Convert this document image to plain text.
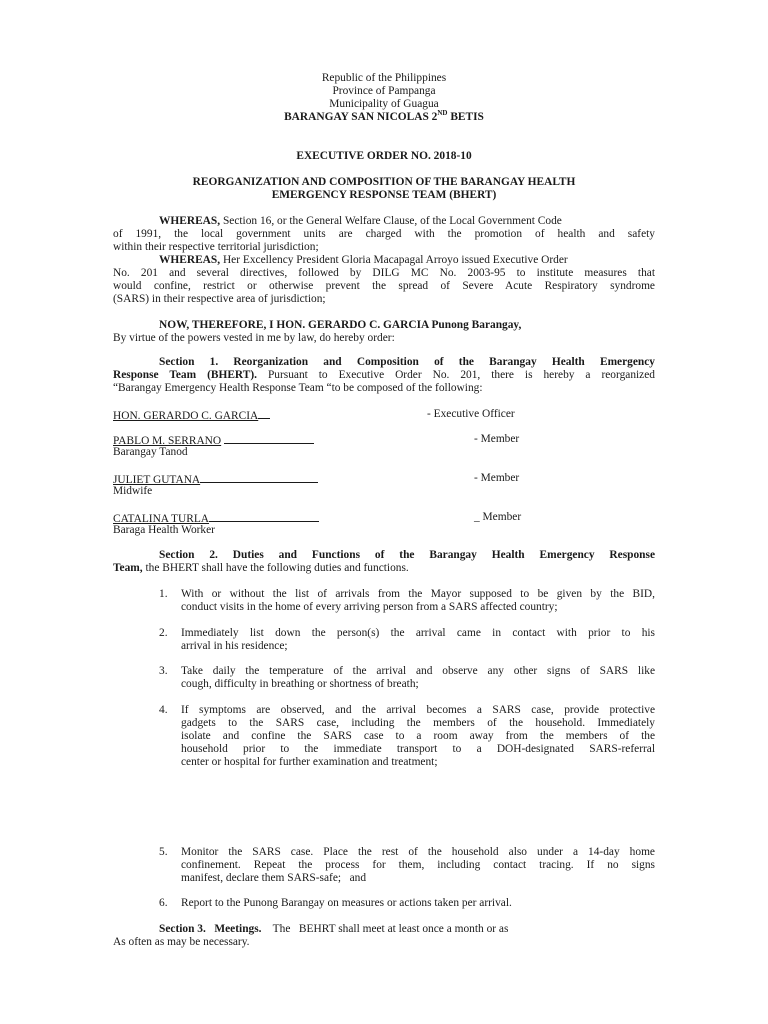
Republic of the Philippines
Province of Pampanga
Municipality of Guagua
BARANGAY SAN NICOLAS 2ND BETIS
EXECUTIVE ORDER NO. 2018-10
REORGANIZATION AND COMPOSITION OF THE BARANGAY HEALTH
EMERGENCY RESPONSE TEAM (BHERT)
WHEREAS, Section 16, or the General Welfare Clause, of the Local Government Code
of 1991, the local government units are charged with the promotion of health and safety
within their respective territorial jurisdiction;
WHEREAS, Her Excellency President Gloria Macapagal Arroyo issued Executive Order
No. 201 and several directives, followed by DILG MC No. 2003-95 to institute measures that
would confine, restrict or otherwise prevent the spread of Severe Acute Respiratory syndrome
(SARS) in their respective area of jurisdiction;
NOW, THEREFORE, I HON. GERARDO C. GARCIA Punong Barangay,
By virtue of the powers vested in me by law, do hereby order:
Section 1. Reorganization and Composition of the Barangay Health Emergency
Response Team (BHERT). Pursuant to Executive Order No. 201, there is hereby a reorganized
“Barangay Emergency Health Response Team “to be composed of the following:
HON. GERARDO C. GARCIA	- Executive Officer
PABLO M. SERRANO	- Member
Barangay Tanod
JULIET GUTANA	- Member
Midwife
CATALINA TURLA	_ Member
Baraga Health Worker
Section 2. Duties and Functions of the Barangay Health Emergency Response
Team, the BHERT shall have the following duties and functions.
1. With or without the list of arrivals from the Mayor supposed to be given by the BID,
conduct visits in the home of every arriving person from a SARS affected country;
2. Immediately list down the person(s) the arrival came in contact with prior to his
arrival in his residence;
3. Take daily the temperature of the arrival and observe any other signs of SARS like
cough, difficulty in breathing or shortness of breath;
4. If symptoms are observed, and the arrival becomes a SARS case, provide protective
gadgets to the SARS case, including the members of the household. Immediately
isolate and confine the SARS case to a room away from the members of the
household prior to the immediate transport to a DOH-designated SARS-referral
center or hospital for further examination and treatment;
5. Monitor the SARS case. Place the rest of the household also under a 14-day home
confinement. Repeat the process for them, including contact tracing. If no signs
manifest, declare them SARS-safe;   and
6. Report to the Punong Barangay on measures or actions taken per arrival.
Section 3.   Meetings.    The   BEHRT shall meet at least once a month or as
As often as may be necessary.
